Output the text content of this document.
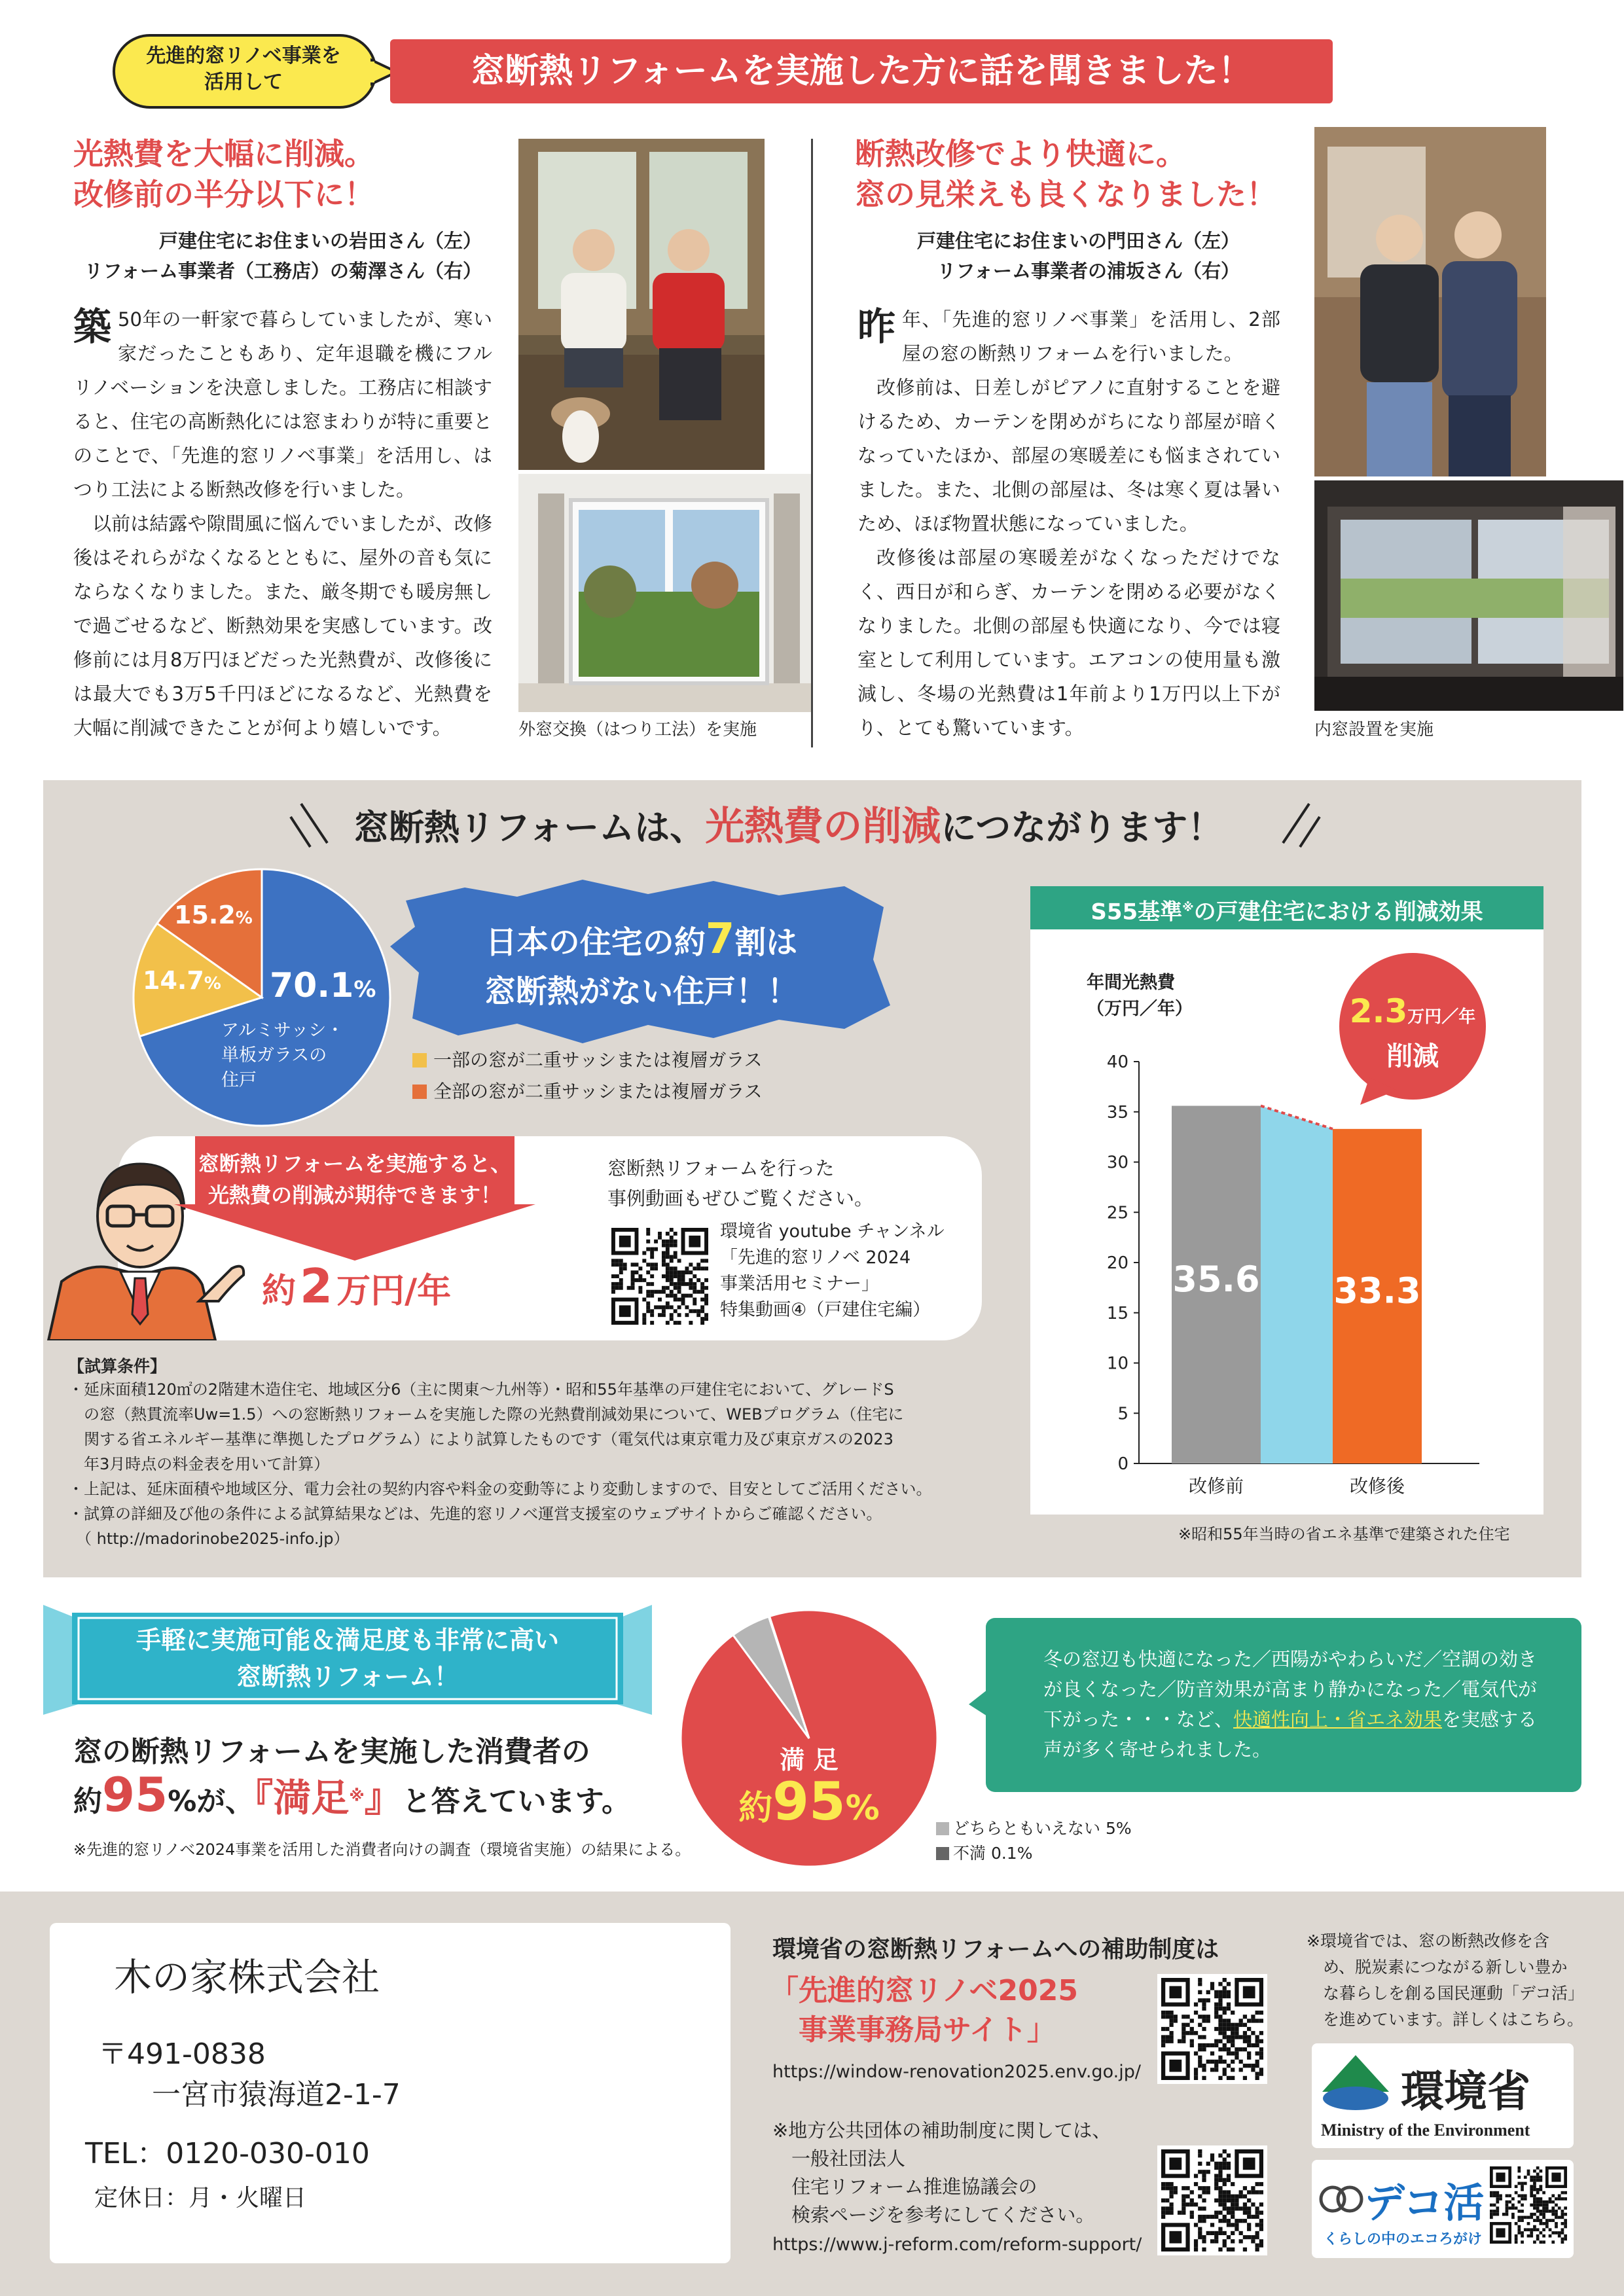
先進的窓リノベ事業を
活用して	窓断熱リフォームを実施した方に話を聞きました！
光熱費を大幅に削減。
改修前の半分以下に！
戸建住宅にお住まいの岩田さん（左）
リフォーム事業者（工務店）の菊澤さん（右）
築 50年の一軒家で暮らしていましたが、寒い家だったこともあり、定年退職を機にフルリノベーションを決意しました。工務店に相談すると、住宅の高断熱化には窓まわりが特に重要とのことで、「先進的窓リノベ事業」を活用し、はつり工法による断熱改修を行いました。

以前は結露や隙間風に悩んでいましたが、改修後はそれらがなくなるとともに、屋外の音も気にならなくなりました。また、厳冬期でも暖房無しで過ごせるなど、断熱効果を実感しています。改修前には月8万円ほどだった光熱費が、改修後には最大でも3万5千円ほどになるなど、光熱費を大幅に削減できたことが何より嬉しいです。	外窓交換（はつり工法）を実施
断熱改修でより快適に。
窓の見栄えも良くなりました！
戸建住宅にお住まいの門田さん（左）
リフォーム事業者の浦坂さん（右）
昨 年、「先進的窓リノベ事業」を活用し、2部屋の窓の断熱リフォームを行いました。

改修前は、日差しがピアノに直射することを避けるため、カーテンを閉めがちになり部屋が暗くなっていたほか、部屋の寒暖差にも悩まされていました。また、北側の部屋は、冬は寒く夏は暑いため、ほぼ物置状態になっていました。

改修後は部屋の寒暖差がなくなっただけでなく、西日が和らぎ、カーテンを閉める必要がなくなりました。北側の部屋も快適になり、今では寝室として利用しています。エアコンの使用量も激減し、冬場の光熱費は1年前より1万円以上下がり、とても驚いています。	内窓設置を実施
窓断熱リフォームは、光熱費の削減につながります！
70.1%
アルミサッシ・
単板ガラスの
住戸
14.7%
15.2%
日本の住宅の約7割は
窓断熱がない住戸！！
一部の窓が二重サッシまたは複層ガラス
全部の窓が二重サッシまたは複層ガラス
窓断熱リフォームを実施すると、
光熱費の削減が期待できます！
約2 万円/年
窓断熱リフォームを行った
事例動画もぜひご覧ください。
環境省 youtube チャンネル
「先進的窓リノベ 2024
事業活用セミナー」
特集動画④（戸建住宅編）
【試算条件】
・延床面積120㎡の2階建木造住宅、地域区分6（主に関東～九州等）・昭和55年基準の戸建住宅において、グレードS
　の窓（熱貫流率Uw=1.5）への窓断熱リフォームを実施した際の光熱費削減効果について、WEBプログラム（住宅に
　関する省エネルギー基準に準拠したプログラム）により試算したものです（電気代は東京電力及び東京ガスの2023
　年3月時点の料金表を用いて計算）
・上記は、延床面積や地域区分、電力会社の契約内容や料金の変動等により変動しますので、目安としてご活用ください。
・試算の詳細及び他の条件による試算結果などは、先進的窓リノベ運営支援室のウェブサイトからご確認ください。
　（ http://madorinobe2025-info.jp）
S55基準※の戸建住宅における削減効果
年間光熱費
（万円／年）	2.3万円／年
削減
0
5
10
15
20
25
30
35
40
35.6
改修前
33.3
改修後
※昭和55年当時の省エネ基準で建築された住宅
手軽に実施可能＆満足度も非常に高い
窓断熱リフォーム！
窓の断熱リフォームを実施した消費者の
約95%が、『満足※』と答えています。
※先進的窓リノベ2024事業を活用した消費者向けの調査（環境省実施）の結果による。
満 足
約95%
どちらともいえない 5%
不満 0.1%
冬の窓辺も快適になった／西陽がやわらいだ／空調の効きが良くなった／防音効果が高まり静かになった／電気代が下がった・・・など、快適性向上・省エネ効果を実感する声が多く寄せられました。
木の家株式会社
〒491-0838
一宮市猿海道2-1-7
TEL：0120-030-010
定休日：月・火曜日
環境省の窓断熱リフォームへの補助制度は
「先進的窓リノベ2025
　事業事務局サイト」
https://window-renovation2025.env.go.jp/
※地方公共団体の補助制度に関しては、
　一般社団法人
　住宅リフォーム推進協議会の
　検索ページを参考にしてください。
https://www.j-reform.com/reform-support/
※環境省では、窓の断熱改修を含
　め、脱炭素につながる新しい豊か
　な暮らしを創る国民運動「デコ活」
　を進めています。詳しくはこちら。
環境省
Ministry of the Environment
デコ活
くらしの中のエコろがけ
